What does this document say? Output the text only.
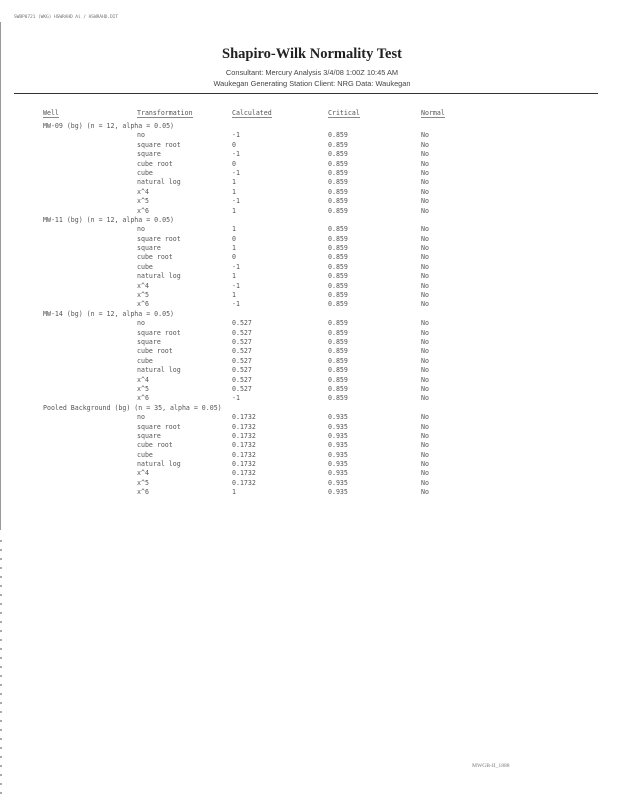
SWBP0721 (WKG) HSWRAHD Ai / HSWRAHD.DIT
Shapiro-Wilk Normality Test
Consultant: Mercury Analysis 3/4/08 1:00Z 10:45 AM
Waukegan Generating Station Client: NRG Data: Waukegan
Well	Transformation	Calculated	Critical	Normal
MW-09 (bg) (n = 12, alpha = 0.05)
no	-1	0.859	No
square root	0	0.859	No
square	-1	0.859	No
cube root	0	0.859	No
cube	-1	0.859	No
natural log	1	0.859	No
x^4	1	0.859	No
x^5	-1	0.859	No
x^6	1	0.859	No
MW-11 (bg) (n = 12, alpha = 0.05)
no	1	0.859	No
square root	0	0.859	No
square	1	0.859	No
cube root	0	0.859	No
cube	-1	0.859	No
natural log	1	0.859	No
x^4	-1	0.859	No
x^5	1	0.859	No
x^6	-1	0.859	No
MW-14 (bg) (n = 12, alpha = 0.05)
no	0.527	0.859	No
square root	0.527	0.859	No
square	0.527	0.859	No
cube root	0.527	0.859	No
cube	0.527	0.859	No
natural log	0.527	0.859	No
x^4	0.527	0.859	No
x^5	0.527	0.859	No
x^6	-1	0.859	No
Pooled Background (bg) (n = 35, alpha = 0.05)
no	0.1732	0.935	No
square root	0.1732	0.935	No
square	0.1732	0.935	No
cube root	0.1732	0.935	No
cube	0.1732	0.935	No
natural log	0.1732	0.935	No
x^4	0.1732	0.935	No
x^5	0.1732	0.935	No
x^6	1	0.935	No
MWGB-II_1888
